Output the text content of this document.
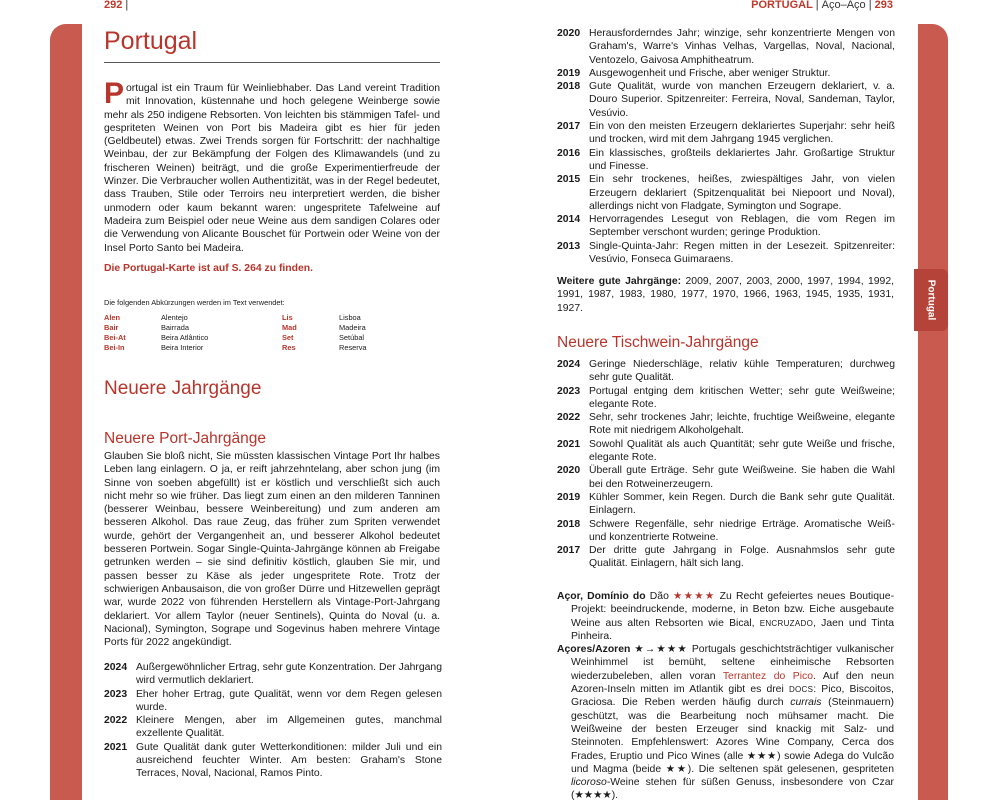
Portugal
292 |	PORTUGAL | Aço–Aço | 293
Portugal
Portugal ist ein Traum für Weinliebhaber. Das Land vereint Tradition mit Innovation, küstennahe und hoch gelegene Weinberge sowie mehr als 250 indigene Rebsorten. Von leichten bis stämmigen Tafel- und gespriteten Weinen von Port bis Madeira gibt es hier für jeden (Geldbeutel) etwas. Zwei Trends sorgen für Fortschritt: der nachhaltige Weinbau, der zur Bekämpfung der Folgen des Klimawandels (und zu frischeren Weinen) beiträgt, und die große Experimentierfreude der Winzer. Die Verbraucher wollen Authentizität, was in der Regel bedeutet, dass Trauben, Stile oder Terroirs neu interpretiert werden, die bisher unmodern oder kaum bekannt waren: ungespritete Tafelweine auf Madeira zum Beispiel oder neue Weine aus dem sandigen Colares oder die Verwendung von Alicante Bouschet für Portwein oder Weine von der Insel Porto Santo bei Madeira.
Die Portugal-Karte ist auf S. 264 zu finden.
Die folgenden Abkürzungen werden im Text verwendet:
Alen	Alentejo	Lis	Lisboa
Bair	Bairrada	Mad	Madeira
Bei-At	Beira Atlântico	Set	Setúbal
Bei-In	Beira Interior	Res	Reserva
Neuere Jahrgänge
Neuere Port-Jahrgänge
Glauben Sie bloß nicht, Sie müssten klassischen Vintage Port Ihr halbes Leben lang einlagern. O ja, er reift jahrzehntelang, aber schon jung (im Sinne von soeben abgefüllt) ist er köstlich und verschließt sich auch nicht mehr so wie früher. Das liegt zum einen an den milderen Tanninen (besserer Weinbau, bessere Weinbereitung) und zum anderen am besseren Alkohol. Das raue Zeug, das früher zum Spriten verwendet wurde, gehört der Vergangenheit an, und besserer Alkohol bedeutet besseren Portwein. Sogar Single-Quinta-Jahrgänge können ab Freigabe getrunken werden – sie sind definitiv köstlich, glauben Sie mir, und passen besser zu Käse als jeder ungespritete Rote. Trotz der schwierigen Anbausaison, die von großer Dürre und Hitzewellen geprägt war, wurde 2022 von führenden Herstellern als Vintage-Port-Jahrgang deklariert. Vor allem Taylor (neuer Sentinels), Quinta do Noval (u. a. Nacional), Symington, Sogrape und Sogevinus haben mehrere Vintage Ports für 2022 angekündigt.
2024 Außergewöhnlicher Ertrag, sehr gute Konzentration. Der Jahrgang wird vermutlich deklariert.
2023 Eher hoher Ertrag, gute Qualität, wenn vor dem Regen gelesen wurde.
2022 Kleinere Mengen, aber im Allgemeinen gutes, manchmal exzellente Qualität.
2021 Gute Qualität dank guter Wetterkonditionen: milder Juli und ein ausreichend feuchter Winter. Am besten: Graham's Stone Terraces, Noval, Nacional, Ramos Pinto.
2020 Herausforderndes Jahr; winzige, sehr konzentrierte Mengen von Graham's, Warre's Vinhas Velhas, Vargellas, Noval, Nacional, Ventozelo, Gaivosa Amphitheatrum.
2019 Ausgewogenheit und Frische, aber weniger Struktur.
2018 Gute Qualität, wurde von manchen Erzeugern deklariert, v. a. Douro Superior. Spitzenreiter: Ferreira, Noval, Sandeman, Taylor, Vesúvio.
2017 Ein von den meisten Erzeugern deklariertes Superjahr: sehr heiß und trocken, wird mit dem Jahrgang 1945 verglichen.
2016 Ein klassisches, großteils deklariertes Jahr. Großartige Struktur und Finesse.
2015 Ein sehr trockenes, heißes, zwiespältiges Jahr, von vielen Erzeugern deklariert (Spitzenqualität bei Niepoort und Noval), allerdings nicht von Fladgate, Symington und Sogrape.
2014 Hervorragendes Lesegut von Reblagen, die vom Regen im September verschont wurden; geringe Produktion.
2013 Single-Quinta-Jahr: Regen mitten in der Lesezeit. Spitzenreiter: Vesúvio, Fonseca Guimaraens.
Weitere gute Jahrgänge: 2009, 2007, 2003, 2000, 1997, 1994, 1992, 1991, 1987, 1983, 1980, 1977, 1970, 1966, 1963, 1945, 1935, 1931, 1927.
Neuere Tischwein-Jahrgänge
2024 Geringe Niederschläge, relativ kühle Temperaturen; durchweg sehr gute Qualität.
2023 Portugal entging dem kritischen Wetter; sehr gute Weißweine; elegante Rote.
2022 Sehr, sehr trockenes Jahr; leichte, fruchtige Weißweine, elegante Rote mit niedrigem Alkoholgehalt.
2021 Sowohl Qualität als auch Quantität; sehr gute Weiße und frische, elegante Rote.
2020 Überall gute Erträge. Sehr gute Weißweine. Sie haben die Wahl bei den Rotweinerzeugern.
2019 Kühler Sommer, kein Regen. Durch die Bank sehr gute Qualität. Einlagern.
2018 Schwere Regenfälle, sehr niedrige Erträge. Aromatische Weiß- und konzentrierte Rotweine.
2017 Der dritte gute Jahrgang in Folge. Ausnahmslos sehr gute Qualität. Einlagern, hält sich lang.
Açor, Domínio do Dão ★★★★ Zu Recht gefeiertes neues Boutique-Projekt: beeindruckende, moderne, in Beton bzw. Eiche ausgebaute Weine aus alten Rebsorten wie Bical, ENCRUZADO, Jaen und Tinta Pinheira.
Açores/Azoren ★→★★★ Portugals geschichtsträchtiger vulkanischer Weinhimmel ist bemüht, seltene einheimische Rebsorten wiederzubeleben, allen voran Terrantez do Pico. Auf den neun Azoren-Inseln mitten im Atlantik gibt es drei DOCS: Pico, Biscoitos, Graciosa. Die Reben werden häufig durch currais (Steinmauern) geschützt, was die Bearbeitung noch mühsamer macht. Die Weißweine der besten Erzeuger sind knackig mit Salz- und Steinnoten. Empfehlenswert: Azores Wine Company, Cerca dos Frades, Eruptio und Pico Wines (alle ★★★) sowie Adega do Vulcão und Magma (beide ★★). Die seltenen spät gelesenen, gespriteten licoroso-Weine stehen für süßen Genuss, insbesondere von Czar (★★★★).
